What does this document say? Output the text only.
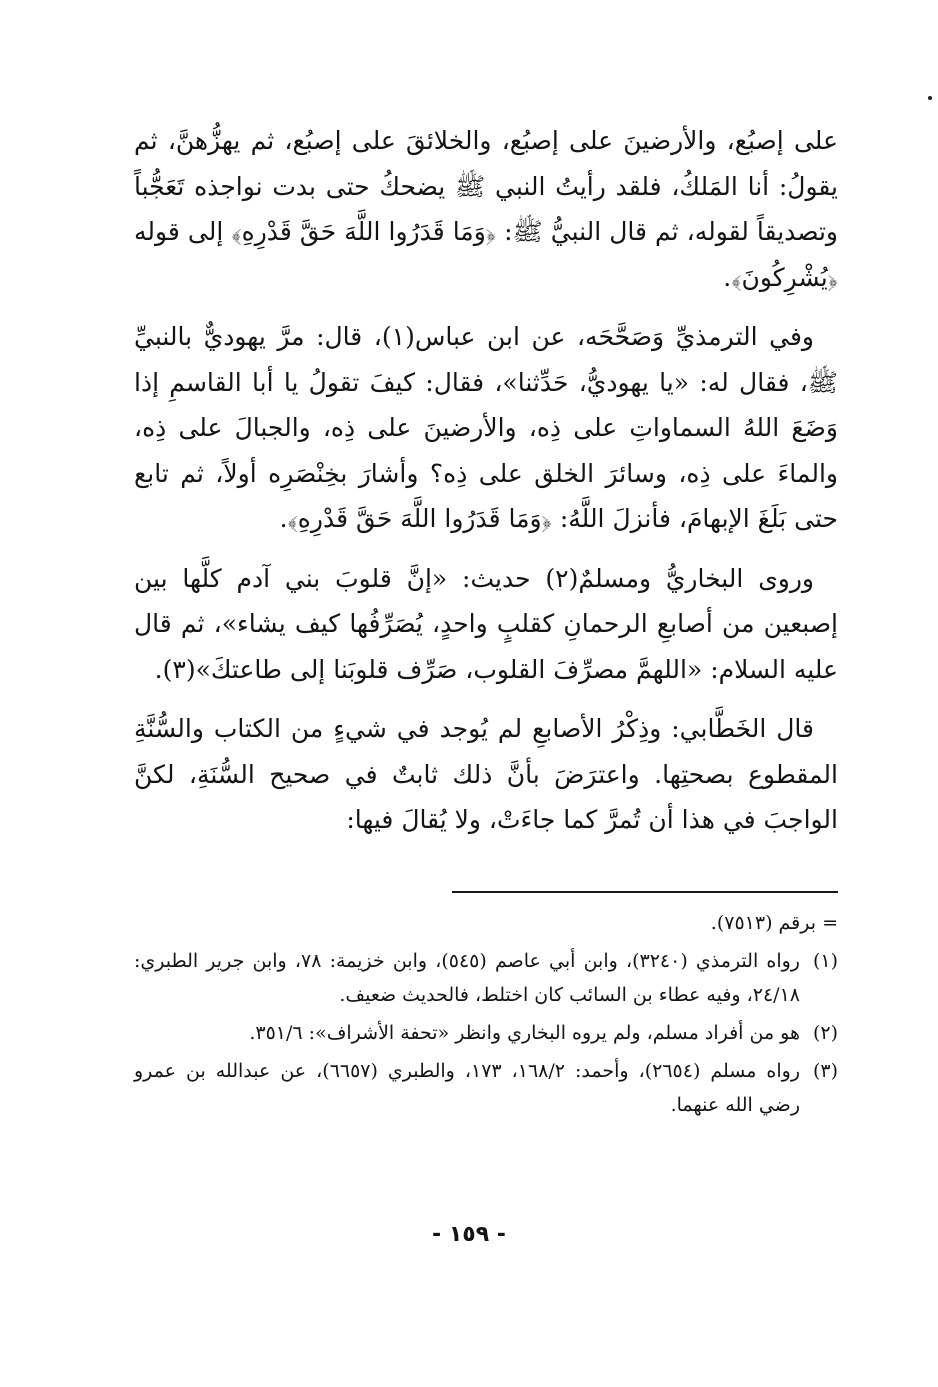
على إصبُع، والأرضينَ على إصبُع، والخلائقَ على إصبُع، ثم يهزُّهنَّ، ثم يقولُ: أنا المَلكُ، فلقد رأيتُ النبي ﷺ يضحكُ حتى بدت نواجذه تَعَجُّباً وتصديقاً لقوله، ثم قال النبيُّ ﷺ: ﴿وَمَا قَدَرُوا اللَّهَ حَقَّ قَدْرِهِ﴾ إلى قوله ﴿يُشْرِكُونَ﴾.

وفي الترمذيِّ وَصَحَّحَه، عن ابن عباس(١)، قال: مرَّ يهوديٌّ بالنبيِّ ﷺ، فقال له: «يا يهوديُّ، حَدِّثنا»، فقال: كيفَ تقولُ يا أبا القاسمِ إذا وَضَعَ اللهُ السماواتِ على ذِه، والأرضينَ على ذِه، والجبالَ على ذِه، والماءَ على ذِه، وسائرَ الخلق على ذِه؟ وأشارَ بخِنْصَرِه أولاً، ثم تابع حتى بَلَغَ الإبهامَ، فأنزلَ اللَّهُ: ﴿وَمَا قَدَرُوا اللَّهَ حَقَّ قَدْرِهِ﴾.

وروى البخاريُّ ومسلمٌ(٢) حديث: «إنَّ قلوبَ بني آدم كلَّها بين إصبعين من أصابعِ الرحمانِ كقلبٍ واحدٍ، يُصَرِّفُها كيف يشاء»، ثم قال عليه السلام: «اللهمَّ مصرِّفَ القلوب، صَرِّف قلوبَنا إلى طاعتكَ»(٣).

قال الخَطَّابي: وذِكْرُ الأصابعِ لم يُوجد في شيءٍ من الكتاب والسُّنَّةِ المقطوع بصحتِها. واعترَضَ بأنَّ ذلك ثابتٌ في صحيح السُّنَةِ، لكنَّ الواجبَ في هذا أن تُمرَّ كما جاءَتْ، ولا يُقالَ فيها:

= برقم (٧٥١٣).
(١)
رواه الترمذي (٣٢٤٠)، وابن أبي عاصم (٥٤٥)، وابن خزيمة: ٧٨، وابن جرير الطبري: ٢٤/١٨، وفيه عطاء بن السائب كان اختلط، فالحديث ضعيف.
(٢)
هو من أفراد مسلم، ولم يروه البخاري وانظر «تحفة الأشراف»: ٣٥١/٦.
(٣)
رواه مسلم (٢٦٥٤)، وأحمد: ١٦٨/٢، ١٧٣، والطبري (٦٦٥٧)، عن عبدالله بن عمرو رضي الله عنهما.
- ١٥٩ -
